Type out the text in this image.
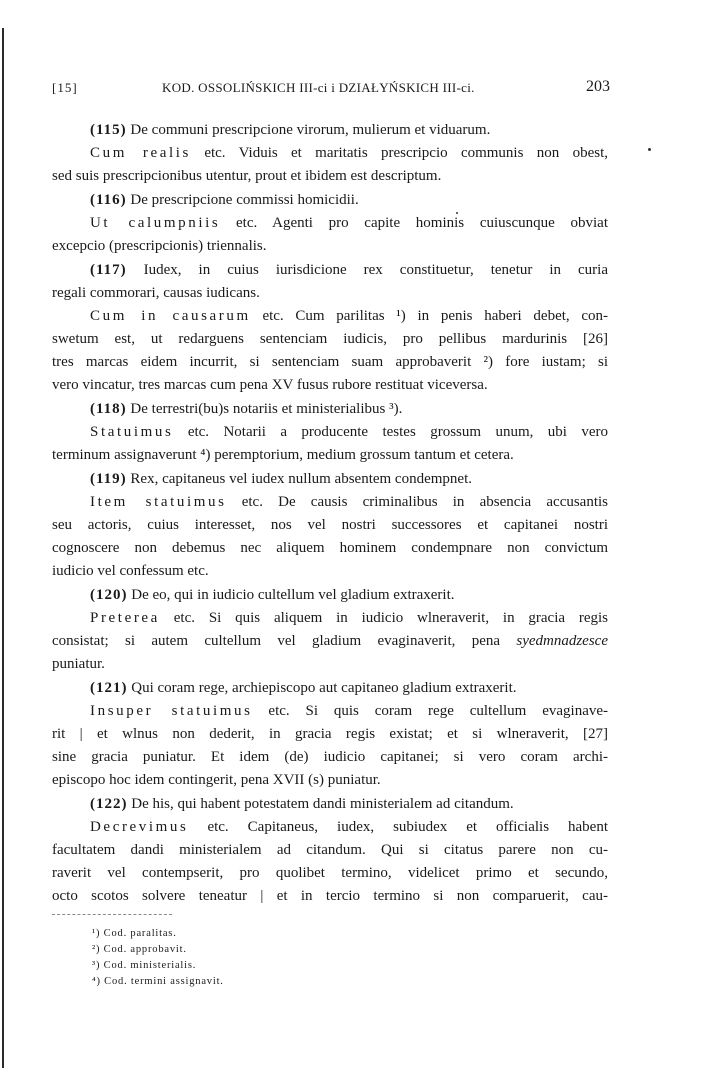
[15]	KOD. OSSOLIŃSKICH III-ci i DZIAŁYŃSKICH III-ci.	203

(115) De communi prescripcione virorum, mulierum et viduarum.

Cum realis etc. Viduis et maritatis prescripcio communis non obest,

sed suis prescripcionibus utentur, prout et ibidem est descriptum.

(116) De prescripcione commissi homicidii.

Ut calumpniis etc. Agenti pro capite hominis cuiuscunque obviat

excepcio (prescripcionis) triennalis.

(117) Iudex, in cuius iurisdicione rex constituetur, tenetur in curia

regali commorari, causas iudicans.

Cum in causarum etc. Cum parilitas ¹) in penis haberi debet, con-

swetum est, ut redarguens sentenciam iudicis, pro pellibus mardurinis [26]

tres marcas eidem incurrit, si sentenciam suam approbaverit ²) fore iustam; si

vero vincatur, tres marcas cum pena XV fusus rubore restituat viceversa.

(118) De terrestri(bu)s notariis et ministerialibus ³).

Statuimus etc. Notarii a producente testes grossum unum, ubi vero

terminum assignaverunt ⁴) peremptorium, medium grossum tantum et cetera.

(119) Rex, capitaneus vel iudex nullum absentem condempnet.

Item statuimus etc. De causis criminalibus in absencia accusantis

seu actoris, cuius interesset, nos vel nostri successores et capitanei nostri

cognoscere non debemus nec aliquem hominem condempnare non convictum

iudicio vel confessum etc.

(120) De eo, qui in iudicio cultellum vel gladium extraxerit.

Preterea etc. Si quis aliquem in iudicio wlneraverit, in gracia regis

consistat; si autem cultellum vel gladium evaginaverit, pena syedmnadzesce

puniatur.

(121) Qui coram rege, archiepiscopo aut capitaneo gladium extraxerit.

Insuper statuimus etc. Si quis coram rege cultellum evaginave-

rit | et wlnus non dederit, in gracia regis existat; et si wlneraverit, [27]

sine gracia puniatur. Et idem (de) iudicio capitanei; si vero coram archi-

episcopo hoc idem contingerit, pena XVII (s) puniatur.

(122) De his, qui habent potestatem dandi ministerialem ad citandum.

Decrevimus etc. Capitaneus, iudex, subiudex et officialis habent

facultatem dandi ministerialem ad citandum. Qui si citatus parere non cu-

raverit vel contempserit, pro quolibet termino, videlicet primo et secundo,

octo scotos solvere teneatur | et in tercio termino si non comparuerit, cau-

¹) Cod. paralitas.
²) Cod. approbavit.
³) Cod. ministerialis.
⁴) Cod. termini assignavit.
